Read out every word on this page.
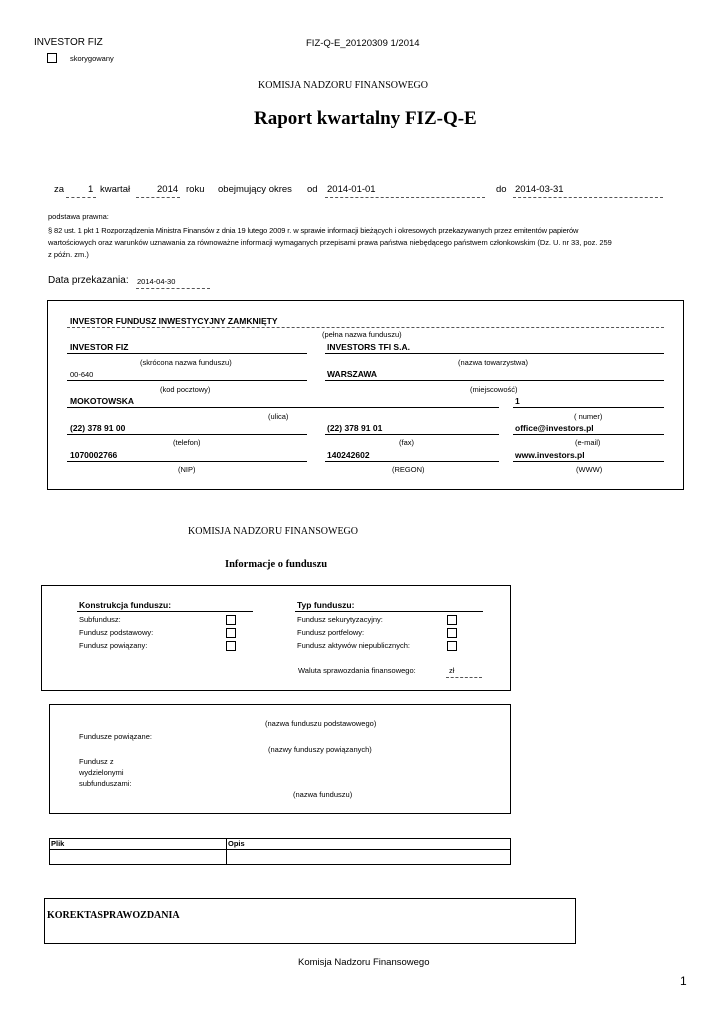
INVESTOR FIZ	FIZ-Q-E_20120309 1/2014
skorygowany
KOMISJA NADZORU FINANSOWEGO
Raport kwartalny FIZ-Q-E
za	1 kwartał	2014 roku obejmujący okres od 2014-01-01	do 2014-03-31
podstawa prawna:
§ 82 ust. 1 pkt 1 Rozporządzenia Ministra Finansów z dnia 19 lutego 2009 r. w sprawie informacji bieżących i okresowych przekazywanych przez emitentów papierów
wartościowych oraz warunków uznawania za równoważne informacji wymaganych przepisami prawa państwa niebędącego państwem członkowskim (Dz. U. nr 33, poz. 259
z późn. zm.)
Data przekazania: 2014-04-30
INVESTOR FUNDUSZ INWESTYCYJNY ZAMKNIĘTY
(pełna nazwa funduszu)
INVESTOR FIZ
(skrócona nazwa funduszu)
INVESTORS TFI S.A.
(nazwa towarzystwa)
00-640
(kod pocztowy)
WARSZAWA
(miejscowość)
MOKOTOWSKA
(ulica)
1
( numer)
(22) 378 91 00
(telefon)
(22) 378 91 01
(fax)
office@investors.pl
(e-mail)
1070002766
(NIP)
140242602
(REGON)
www.investors.pl
(WWW)
KOMISJA NADZORU FINANSOWEGO
Informacje o funduszu
Konstrukcja funduszu:
Subfundusz:
Fundusz podstawowy:
Fundusz powiązany:
Typ funduszu:
Fundusz sekurytyzacyjny:
Fundusz portfelowy:
Fundusz aktywów niepublicznych:
Waluta sprawozdania finansowego:	zł
(nazwa funduszu podstawowego)
Fundusze powiązane:
(nazwy funduszy powiązanych)
Fundusz z
wydzielonymi
subfunduszami:
(nazwa funduszu)
Plik	Opis
KOREKTASPRAWOZDANIA
Komisja Nadzoru Finansowego
1
